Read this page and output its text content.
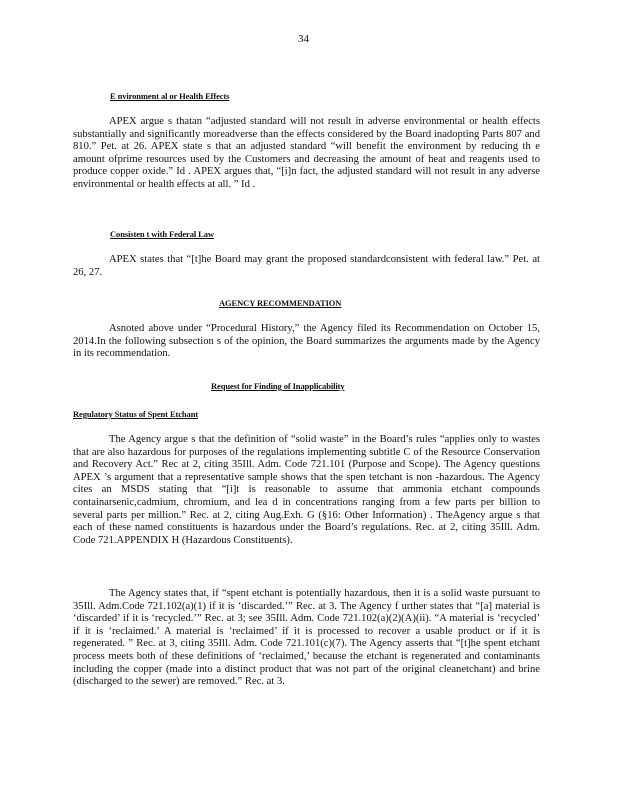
34
E nvironment al or Health Effects

APEX argue s thatan “adjusted standard will not result in adverse environmental or health effects substantially and significantly moreadverse than the effects considered by the Board inadopting Parts 807 and 810.” Pet. at 26. APEX state s that an adjusted standard “will benefit the environment by reducing th e amount ofprime resources used by the Customers and decreasing the amount of heat and reagents used to produce copper oxide.” Id . APEX argues that, “[i]n fact, the adjusted standard will not result in any adverse environmental or health effects at all. ” Id .

Consisten t with Federal Law

APEX states that “[t]he Board may grant the proposed standardconsistent with federal law.” Pet. at 26, 27.

AGENCY RECOMMENDATION

Asnoted above under “Procedural History,” the Agency filed its Recommendation on October 15, 2014.In the following subsection s of the opinion, the Board summarizes the arguments made by the Agency in its recommendation.

Request for Finding of Inapplicability
Regulatory Status of Spent Etchant

The Agency argue s that the definition of “solid waste” in the Board’s rules “applies only to wastes that are also hazardous for purposes of the regulations implementing subtitle C of the Resource Conservation and Recovery Act.” Rec at 2, citing 35Ill. Adm. Code 721.101 (Purpose and Scope). The Agency questions APEX ’s argument that a representative sample shows that the spen tetchant is non -hazardous. The Agency cites an MSDS stating that “[i]t is reasonable to assume that ammonia etchant compounds containarsenic,cadmium, chromium, and lea d in concentrations ranging from a few parts per billion to several parts per million.” Rec. at 2, citing Aug.Exh. G (§16: Other Information) . TheAgency argue s that each of these named constituents is hazardous under the Board’s regulations. Rec. at 2, citing 35Ill. Adm. Code 721.APPENDIX H (Hazardous Constituents).

The Agency states that, if “spent etchant is potentially hazardous, then it is a solid waste pursuant to 35Ill. Adm.Code 721.102(a)(1) if it is ‘discarded.’” Rec. at 3. The Agency f urther states that “[a] material is ‘discarded’ if it is ‘recycled.’” Rec. at 3; see 35Ill. Adm. Code 721.102(a)(2)(A)(ii). “A material is ‘recycled’ if it is ‘reclaimed.’ A material is ‘reclaimed’ if it is processed to recover a usable product or if it is regenerated. ” Rec. at 3, citing 35Ill. Adm. Code 721.101(c)(7). The Agency asserts that “[t]he spent etchant process meets both of these definitions of ‘reclaimed,’ because the etchant is regenerated and contaminants including the copper (made into a distinct product that was not part of the original cleanetchant) and brine (discharged to the sewer) are removed.” Rec. at 3.
